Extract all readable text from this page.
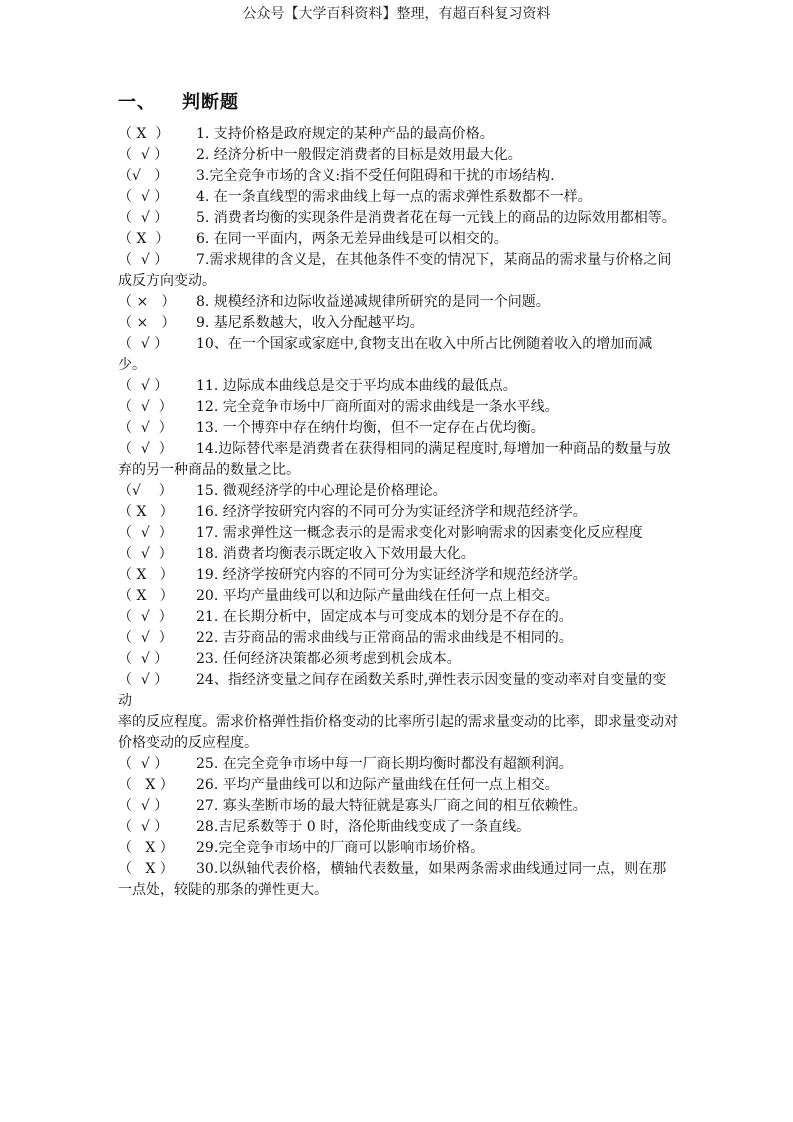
公众号【大学百科资料】整理，有超百科复习资料
一、 判断题

（ X  ） 1. 支持价格是政府规定的某种产品的最高价格。

（  √ ） 2. 经济分析中一般假定消费者的目标是效用最大化。

（√   ） 3.完全竞争市场的含义:指不受任何阻碍和干扰的市场结构.

（  √ ） 4. 在一条直线型的需求曲线上每一点的需求弹性系数都不一样。

（  √ ） 5. 消费者均衡的实现条件是消费者花在每一元钱上的商品的边际效用都相等。

（ X  ） 6. 在同一平面内，两条无差异曲线是可以相交的。

（  √ ） 7.需求规律的含义是，在其他条件不变的情况下，某商品的需求量与价格之间成反方向变动。

（ ×   ） 8. 规模经济和边际收益递减规律所研究的是同一个问题。

（ ×   ） 9. 基尼系数越大，收入分配越平均。

（  √ ） 10、在一个国家或家庭中,食物支出在收入中所占比例随着收入的增加而减少。

（  √ ） 11. 边际成本曲线总是交于平均成本曲线的最低点。

（  √  ） 12. 完全竞争市场中厂商所面对的需求曲线是一条水平线。

（  √  ） 13. 一个博弈中存在纳什均衡，但不一定存在占优均衡。

（  √  ） 14.边际替代率是消费者在获得相同的满足程度时,每增加一种商品的数量与放弃的另一种商品的数量之比。

（√    ） 15. 微观经济学的中心理论是价格理论。

（ X   ） 16. 经济学按研究内容的不同可分为实证经济学和规范经济学。

（  √  ） 17. 需求弹性这一概念表示的是需求变化对影响需求的因素变化反应程度

（  √  ） 18. 消费者均衡表示既定收入下效用最大化。

（ X   ） 19. 经济学按研究内容的不同可分为实证经济学和规范经济学。

（ X   ） 20. 平均产量曲线可以和边际产量曲线在任何一点上相交。

（  √  ） 21. 在长期分析中，固定成本与可变成本的划分是不存在的。

（  √  ） 22. 吉芬商品的需求曲线与正常商品的需求曲线是不相同的。

（  √ ） 23. 任何经济决策都必须考虑到机会成本。

（  √ ） 24、指经济变量之间存在函数关系时,弹性表示因变量的变动率对自变量的变动

率的反应程度。需求价格弹性指价格变动的比率所引起的需求量变动的比率，即求量变动对价格变动的反应程度。

（  √ ） 25. 在完全竞争市场中每一厂商长期均衡时都没有超额利润。

（   X ） 26. 平均产量曲线可以和边际产量曲线在任何一点上相交。

（  √ ） 27. 寡头垄断市场的最大特征就是寡头厂商之间的相互依赖性。

（  √ ） 28.吉尼系数等于 0 时，洛伦斯曲线变成了一条直线。

（   X ） 29.完全竞争市场中的厂商可以影响市场价格。

（   X ） 30.以纵轴代表价格，横轴代表数量，如果两条需求曲线通过同一点，则在那一点处，较陡的那条的弹性更大。
